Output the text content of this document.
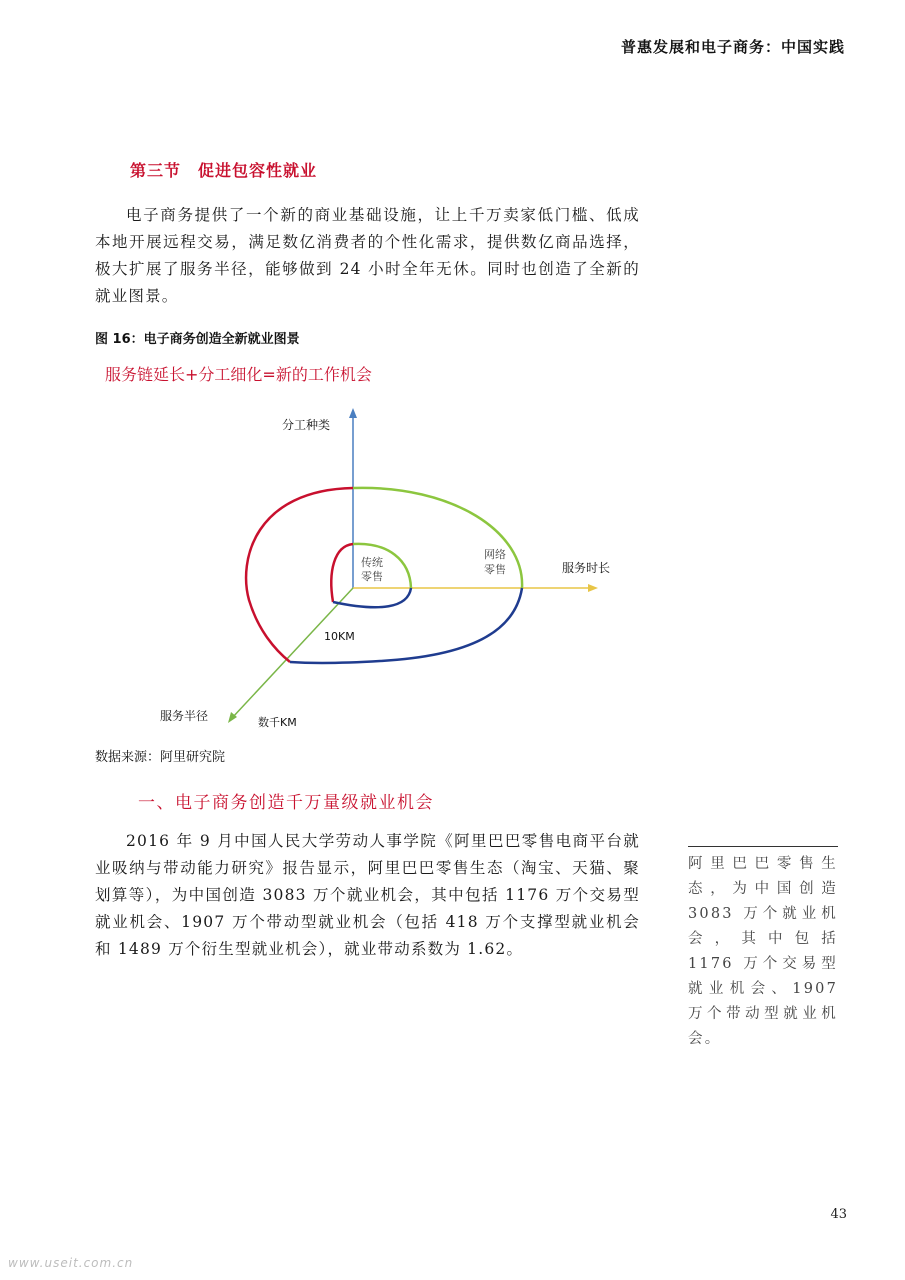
普惠发展和电子商务：中国实践
第三节　促进包容性就业

电子商务提供了一个新的商业基础设施，让上千万卖家低门槛、低成本地开展远程交易，满足数亿消费者的个性化需求，提供数亿商品选择，极大扩展了服务半径，能够做到 24 小时全年无休。同时也创造了全新的就业图景。

图 16：电子商务创造全新就业图景
服务链延长+分工细化=新的工作机会
分工种类
服务时长
服务半径
传统
零售
网络
零售
10KM
数千KM
数据来源：阿里研究院
一、电子商务创造千万量级就业机会

2016 年 9 月中国人民大学劳动人事学院《阿里巴巴零售电商平台就业吸纳与带动能力研究》报告显示，阿里巴巴零售生态（淘宝、天猫、聚划算等），为中国创造 3083 万个就业机会，其中包括 1176 万个交易型就业机会、1907 万个带动型就业机会（包括 418 万个支撑型就业机会和 1489 万个衍生型就业机会），就业带动系数为 1.62。

阿里巴巴零售生态，为中国创造 3083 万个就业机会，其中包括 1176 万个交易型就业机会、1907 万个带动型就业机会。
43
www.useit.com.cn
